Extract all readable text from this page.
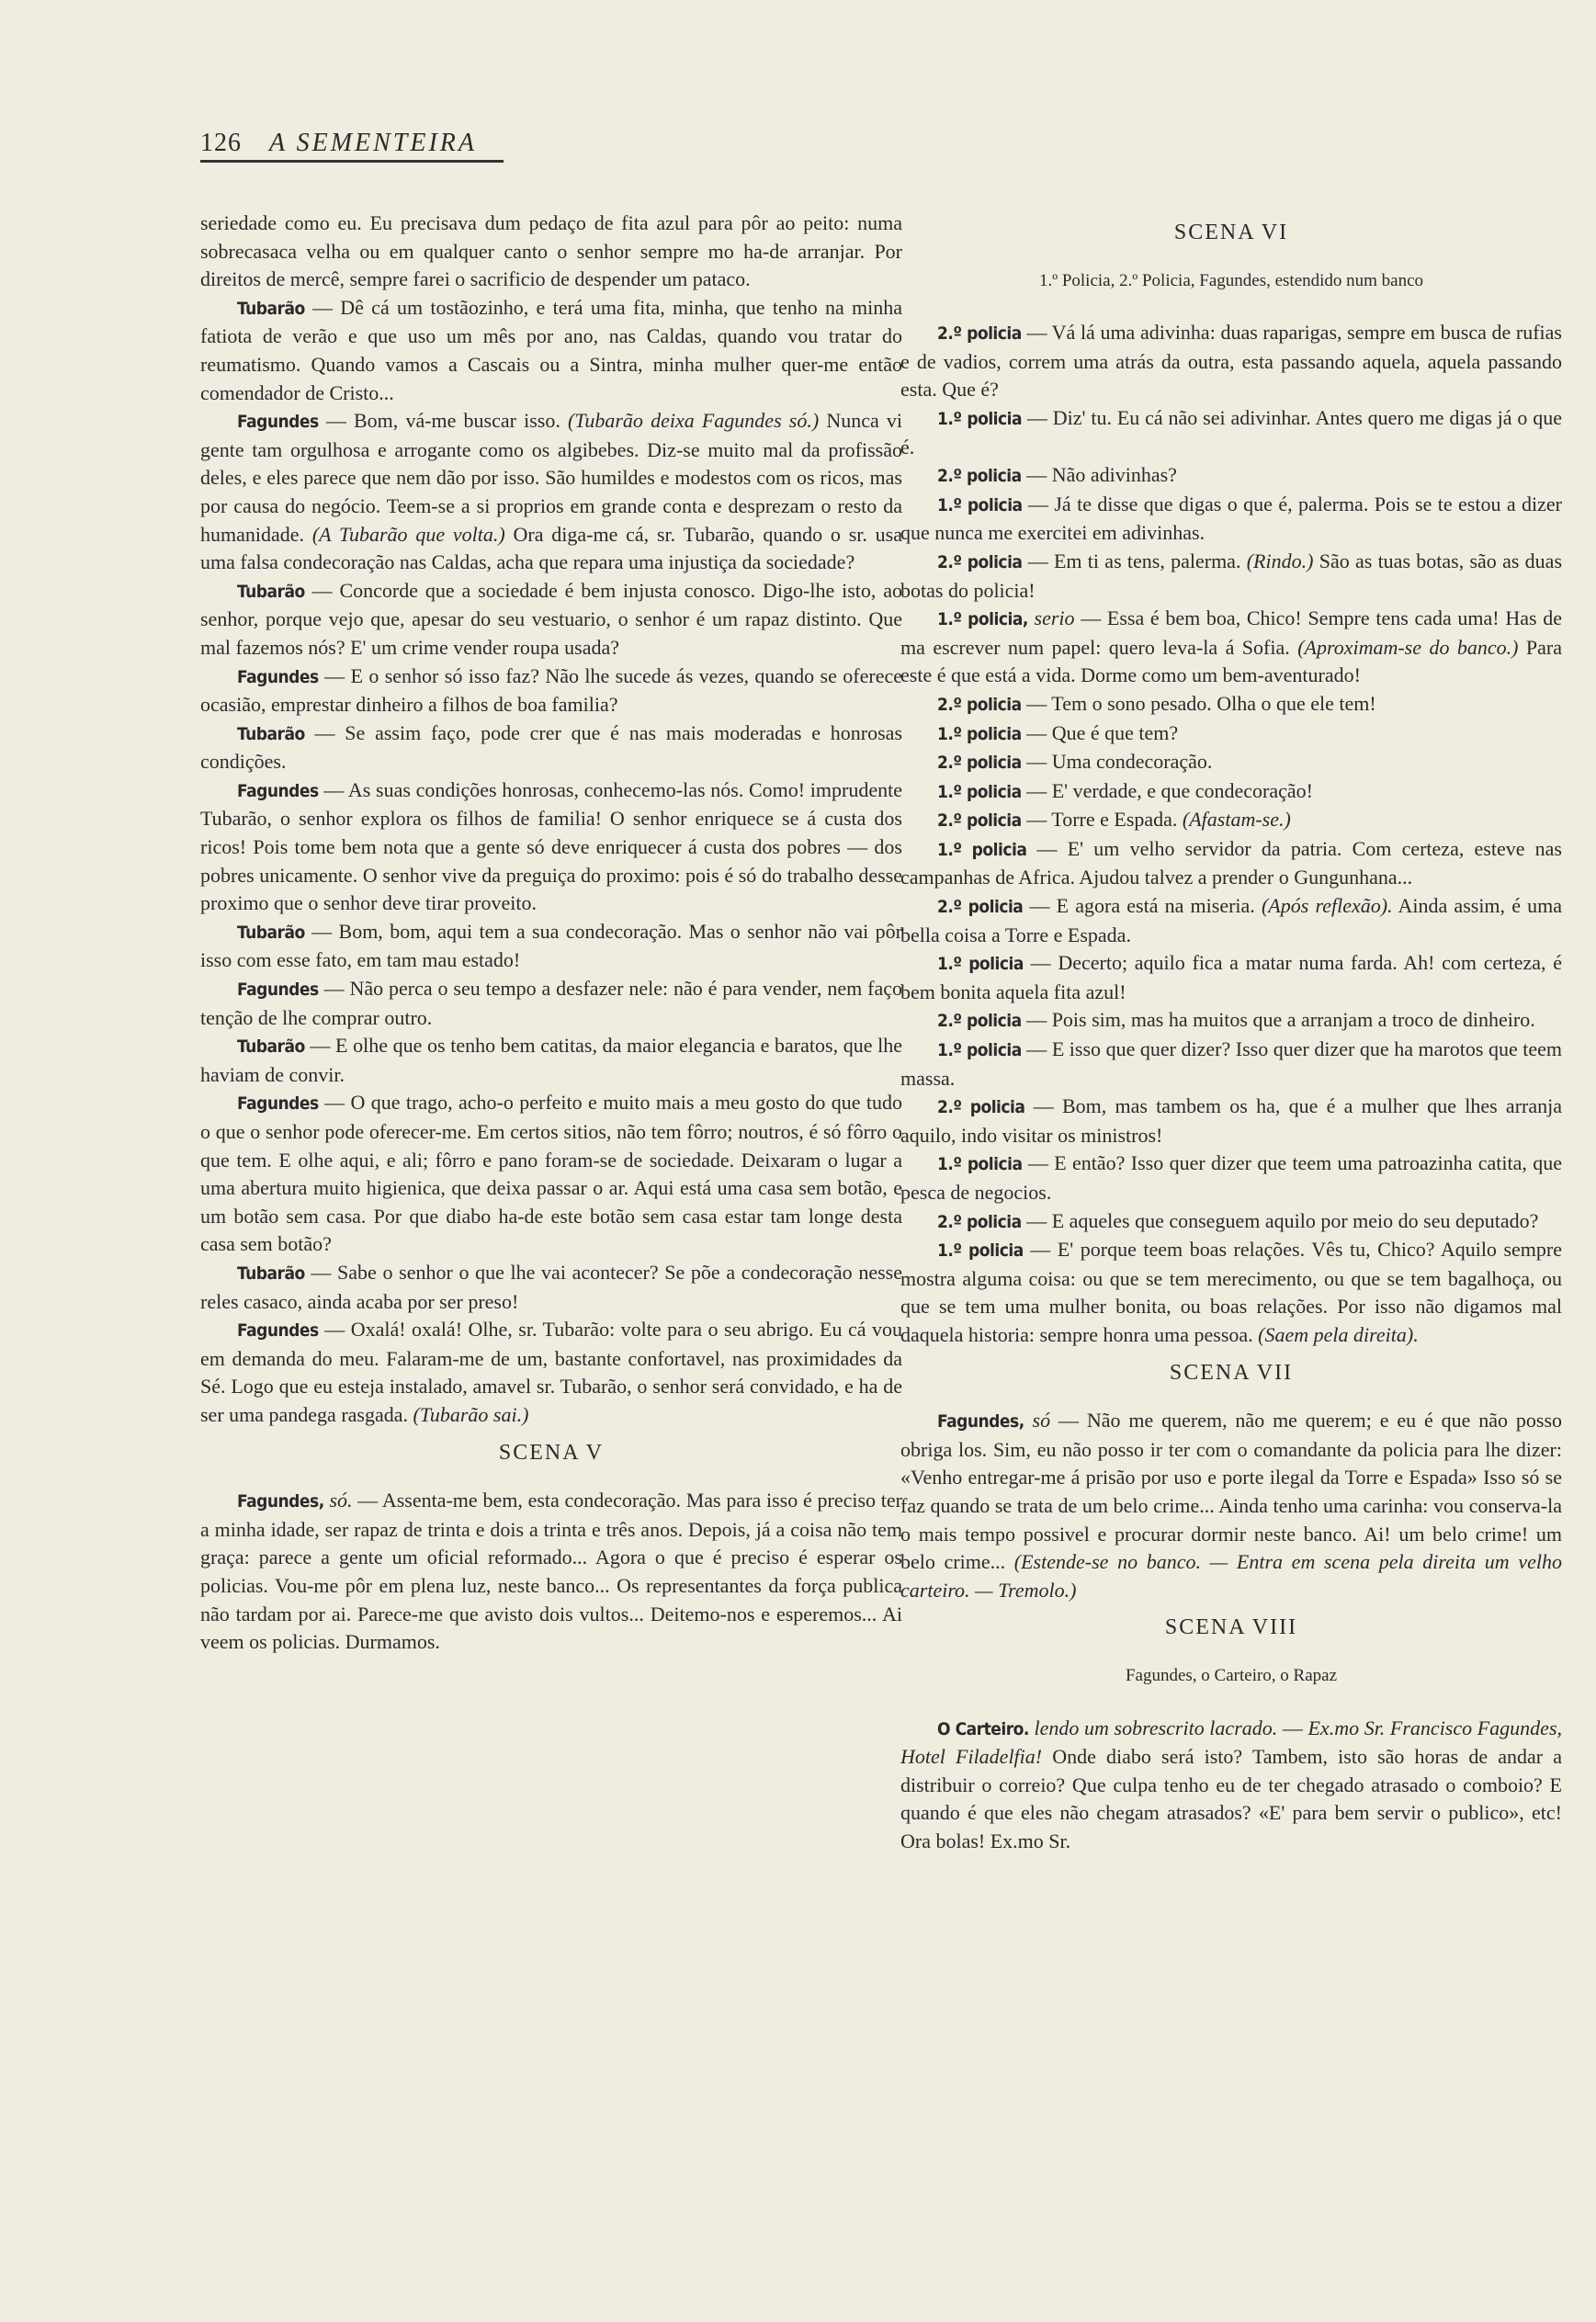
126 A SEMENTEIRA

seriedade como eu. Eu precisava dum pedaço de fita azul para pôr ao peito: numa sobrecasaca velha ou em qualquer canto o senhor sempre mo ha-de arranjar. Por direitos de mercê, sempre farei o sacrificio de despender um pataco.

Tubarão — Dê cá um tostãozinho, e terá uma fita, minha, que tenho na minha fatiota de verão e que uso um mês por ano, nas Caldas, quando vou tratar do reumatismo. Quando vamos a Cascais ou a Sintra, minha mulher quer-me então comendador de Cristo...

Fagundes — Bom, vá-me buscar isso. (Tubarão deixa Fagundes só.) Nunca vi gente tam orgulhosa e arrogante como os algibebes. Diz-se muito mal da profissão deles, e eles parece que nem dão por isso. São humildes e modestos com os ricos, mas por causa do negócio. Teem-se a si proprios em grande conta e desprezam o resto da humanidade. (A Tubarão que volta.) Ora diga-me cá, sr. Tubarão, quando o sr. usa uma falsa condecoração nas Caldas, acha que repara uma injustiça da sociedade?

Tubarão — Concorde que a sociedade é bem injusta conosco. Digo-lhe isto, ao senhor, porque vejo que, apesar do seu vestuario, o senhor é um rapaz distinto. Que mal fazemos nós? E' um crime vender roupa usada?

Fagundes — E o senhor só isso faz? Não lhe sucede ás vezes, quando se oferece ocasião, emprestar dinheiro a filhos de boa familia?

Tubarão — Se assim faço, pode crer que é nas mais moderadas e honrosas condições.

Fagundes — As suas condições honrosas, conhecemo-las nós. Como! imprudente Tubarão, o senhor explora os filhos de familia! O senhor enriquece se á custa dos ricos! Pois tome bem nota que a gente só deve enriquecer á custa dos pobres — dos pobres unicamente. O senhor vive da preguiça do proximo: pois é só do trabalho desse proximo que o senhor deve tirar proveito.

Tubarão — Bom, bom, aqui tem a sua condecoração. Mas o senhor não vai pôr isso com esse fato, em tam mau estado!

Fagundes — Não perca o seu tempo a desfazer nele: não é para vender, nem faço tenção de lhe comprar outro.

Tubarão — E olhe que os tenho bem catitas, da maior elegancia e baratos, que lhe haviam de convir.

Fagundes — O que trago, acho-o perfeito e muito mais a meu gosto do que tudo o que o senhor pode oferecer-me. Em certos sitios, não tem fôrro; noutros, é só fôrro o que tem. E olhe aqui, e ali; fôrro e pano foram-se de sociedade. Deixaram o lugar a uma abertura muito higienica, que deixa passar o ar. Aqui está uma casa sem botão, e um botão sem casa. Por que diabo ha-de este botão sem casa estar tam longe desta casa sem botão?

Tubarão — Sabe o senhor o que lhe vai acontecer? Se põe a condecoração nesse reles casaco, ainda acaba por ser preso!

Fagundes — Oxalá! oxalá! Olhe, sr. Tubarão: volte para o seu abrigo. Eu cá vou em demanda do meu. Falaram-me de um, bastante confortavel, nas proximidades da Sé. Logo que eu esteja instalado, amavel sr. Tubarão, o senhor será convidado, e ha de ser uma pandega rasgada. (Tubarão sai.)

SCENA V

Fagundes, só. — Assenta-me bem, esta condecoração. Mas para isso é preciso ter a minha idade, ser rapaz de trinta e dois a trinta e três anos. Depois, já a coisa não tem graça: parece a gente um oficial reformado... Agora o que é preciso é esperar os policias. Vou-me pôr em plena luz, neste banco... Os representantes da força publica não tardam por ai. Parece-me que avisto dois vultos... Deitemo-nos e esperemos... Ai veem os policias. Durmamos.

SCENA VI

1.º Policia, 2.º Policia, Fagundes, estendido num banco

2.º policia — Vá lá uma adivinha: duas raparigas, sempre em busca de rufias e de vadios, correm uma atrás da outra, esta passando aquela, aquela passando esta. Que é?

1.º policia — Diz' tu. Eu cá não sei adivinhar. Antes quero me digas já o que é.

2.º policia — Não adivinhas?

1.º policia — Já te disse que digas o que é, palerma. Pois se te estou a dizer que nunca me exercitei em adivinhas.

2.º policia — Em ti as tens, palerma. (Rindo.) São as tuas botas, são as duas botas do policia!

1.º policia, serio — Essa é bem boa, Chico! Sempre tens cada uma! Has de ma escrever num papel: quero leva-la á Sofia. (Aproximam-se do banco.) Para este é que está a vida. Dorme como um bem-aventurado!

2.º policia — Tem o sono pesado. Olha o que ele tem!

1.º policia — Que é que tem?

2.º policia — Uma condecoração.

1.º policia — E' verdade, e que condecoração!

2.º policia — Torre e Espada. (Afastam-se.)

1.º policia — E' um velho servidor da patria. Com certeza, esteve nas campanhas de Africa. Ajudou talvez a prender o Gungunhana...

2.º policia — E agora está na miseria. (Após reflexão). Ainda assim, é uma bella coisa a Torre e Espada.

1.º policia — Decerto; aquilo fica a matar numa farda. Ah! com certeza, é bem bonita aquela fita azul!

2.º policia — Pois sim, mas ha muitos que a arranjam a troco de dinheiro.

1.º policia — E isso que quer dizer? Isso quer dizer que ha marotos que teem massa.

2.º policia — Bom, mas tambem os ha, que é a mulher que lhes arranja aquilo, indo visitar os ministros!

1.º policia — E então? Isso quer dizer que teem uma patroazinha catita, que pesca de negocios.

2.º policia — E aqueles que conseguem aquilo por meio do seu deputado?

1.º policia — E' porque teem boas relações. Vês tu, Chico? Aquilo sempre mostra alguma coisa: ou que se tem merecimento, ou que se tem bagalhoça, ou que se tem uma mulher bonita, ou boas relações. Por isso não digamos mal daquela historia: sempre honra uma pessoa. (Saem pela direita).

SCENA VII

Fagundes, só — Não me querem, não me querem; e eu é que não posso obriga los. Sim, eu não posso ir ter com o comandante da policia para lhe dizer: «Venho entregar-me á prisão por uso e porte ilegal da Torre e Espada» Isso só se faz quando se trata de um belo crime... Ainda tenho uma carinha: vou conserva-la o mais tempo possivel e procurar dormir neste banco. Ai! um belo crime! um belo crime... (Estende-se no banco. — Entra em scena pela direita um velho carteiro. — Tremolo.)

SCENA VIII

Fagundes, o Carteiro, o Rapaz

O Carteiro. lendo um sobrescrito lacrado. — Ex.mo Sr. Francisco Fagundes, Hotel Filadelfia! Onde diabo será isto? Tambem, isto são horas de andar a distribuir o correio? Que culpa tenho eu de ter chegado atrasado o comboio? E quando é que eles não chegam atrasados? «E' para bem servir o publico», etc! Ora bolas! Ex.mo Sr.
